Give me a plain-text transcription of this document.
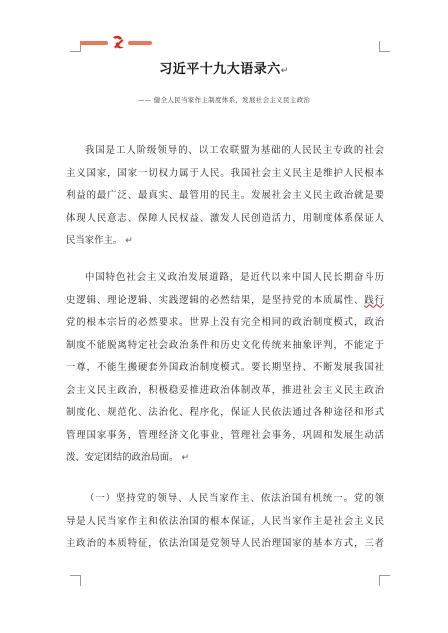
习近平十九大语录六↵
—— 健全人民当家作主制度体系，发展社会主义民主政治
我国是工人阶级领导的、以工农联盟为基础的人民民主专政的社会
主义国家，国家一切权力属于人民。我国社会主义民主是维护人民根本
利益的最广泛、最真实、最管用的民主。发展社会主义民主政治就是要
体现人民意志、保障人民权益、激发人民创造活力，用制度体系保证人
民当家作主。 ↵
中国特色社会主义政治发展道路，是近代以来中国人民长期奋斗历
史逻辑、理论逻辑、实践逻辑的必然结果，是坚持党的本质属性、践行
党的根本宗旨的必然要求。世界上没有完全相同的政治制度模式，政治
制度不能脱离特定社会政治条件和历史文化传统来抽象评判，不能定于
一尊，不能生搬硬套外国政治制度模式。要长期坚持、不断发展我国社
会主义民主政治，积极稳妥推进政治体制改革，推进社会主义民主政治
制度化、规范化、法治化、程序化，保证人民依法通过各种途径和形式
管理国家事务，管理经济文化事业，管理社会事务，巩固和发展生动活
泼、安定团结的政治局面。 ↵
（一）坚持党的领导、人民当家作主、依法治国有机统一。党的领
导是人民当家作主和依法治国的根本保证，人民当家作主是社会主义民
主政治的本质特征，依法治国是党领导人民治理国家的基本方式，三者
